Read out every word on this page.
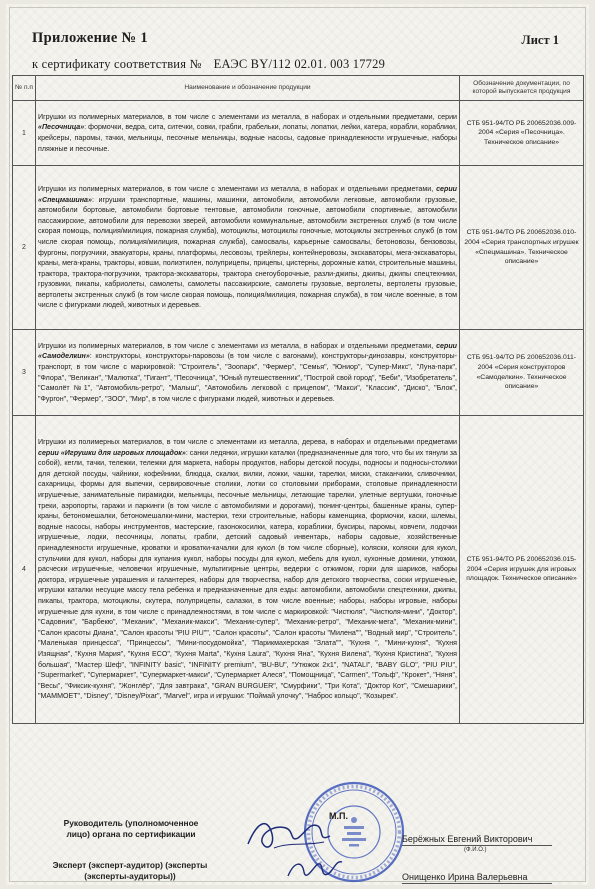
Приложение № 1	Лист 1
к сертификату соответствия № ЕАЭС BY/112 02.01. 003 17729
№ п.п	Наименование и обозначение продукции	Обозначение документации, по которой выпускается продукция
1	Игрушки из полимерных материалов, в том числе с элементами из металла, в наборах и отдельными предметами, серии «Песочница»: формочки, ведра, сита, ситечки, совки, грабли, грабельки, лопаты, лопатки, лейки, катера, корабли, кораблики, крейсеры, паромы, тачки, мельницы, песочные мельницы, водные насосы, садовые принадлежности игрушечные, наборы пляжные и песочные.	СТБ 951-94/ТО РБ 200652036.009-2004 «Серия «Песочница». Техническое описание»
2	Игрушки из полимерных материалов, в том числе с элементами из металла, в наборах и отдельными предметами, серии «Спецмашина»: игрушки транспортные, машины, машинки, автомобили, автомобили легковые, автомобили грузовые, автомобили бортовые, автомобили бортовые тентовые, автомобили гоночные, автомобили спортивные, автомобили пассажирские, автомобили для перевозки зверей, автомобили коммунальные, автомобили экстренных служб (в том числе скорая помощь, полиция/милиция, пожарная служба), мотоциклы, мотоциклы гоночные, мотоциклы экстренных служб (в том числе скорая помощь, полиция/милиция, пожарная служба), самосвалы, карьерные самосвалы, бетоновозы, бензовозы, фургоны, погрузчики, эвакуаторы, краны, платформы, лесовозы, трейлеры, контейнеровозы, экскаваторы, мега-экскаваторы, краны, мега-краны, тракторы, ковши, полиэтилен, полуприцепы, прицепы, цистерны, дорожные катки, строительные машины, трактора, трактора-погрузчики, трактора-экскаваторы, трактора снегоуборочные, разли-джипы, джипы, джипы спецтехники, грузовики, пикапы, кабриолеты, самолеты, самолеты пассажирские, самолеты грузовые, вертолеты, вертолеты грузовые, вертолеты экстренных служб (в том числе скорая помощь, полиция/милиция, пожарная служба), в том числе военные, в том числе с фигурками людей, животных и деревьев.	СТБ 951-94/ТО РБ 200652036.010-2004 «Серия транспортных игрушек «Спецмашина». Техническое описание»
3	Игрушки из полимерных материалов, в том числе с элементами из металла, в наборах и отдельными предметами, серии «Самоделкин»: конструкторы, конструкторы-паровозы (в том числе с вагонами), конструкторы-динозавры, конструкторы-транспорт, в том числе с маркировкой: "Строитель", "Зоопарк", "Фермер", "Семья", "Юниор", "Супер-Микс", "Луна-парк", "Флора", "Великан", "Малютка", "Гигант", "Песочница", "Юный путешественник", "Построй свой город", "Беби", "Изобретатель", "Самолёт №1", "Автомобиль-ретро", "Малыш", "Автомобиль легковой с прицепом", "Макси", "Классик", "Диско", "Блок", "Фургон", "Фермер", "ЗОО", "Мир", в том числе с фигурками людей, животных и деревьев.	СТБ 951-94/ТО РБ 200652036.011-2004 «Серия конструкторов «Самоделкин». Техническое описание»
4	Игрушки из полимерных материалов, в том числе с элементами из металла, дерева, в наборах и отдельными предметами серии «Игрушки для игровых площадок»: санки ледянки, игрушки каталки (предназначенные для того, что бы их тянули за собой), кегли, тачки, тележки, тележки для маркета, наборы продуктов, наборы детской посуды, подносы и подносы-столики для детской посуды, чайники, кофейники, блюдца, скалки, вилки, ложки, чашки, тарелки, миски, стаканчики, сливочники, сахарницы, формы для выпечки, сервировочные столики, лотки со столовыми приборами, столовые принадлежности игрушечные, занимательные пирамидки, мельницы, песочные мельницы, летающие тарелки, улетные вертушки, гоночные треки, аэропорты, гаражи и паркинги (в том числе с автомобилями и дорогами), тюнинг-центры, башенные краны, супер-краны, бетономешалки, бетономешалки-мини, мастерки, техи строительные, наборы каменщика, формочки, каски, шлемы, водные насосы, наборы инструментов, мастерские, газонокосилки, катера, кораблики, буксиры, паромы, ковчеги, лодочки игрушечные, лодки, песочницы, лопаты, грабли, детский садовый инвентарь, наборы садовые, хозяйственные принадлежности игрушечные, кроватки и кроватки-качалки для кукол (в том числе сборные), коляски, коляски для кукол, стульчики для кукол, наборы для купания кукол, наборы посуды для кукол, мебель для кукол, кухонные доминки, утюжки, расчески игрушечные, человечки игрушечные, мультигирные центры, ведерки с отжимом, горки для шариков, наборы доктора, игрушечные украшения и галантерея, наборы для творчества, набор для детского творчества, соски игрушечные, игрушки каталки несущие массу тела ребенка и предназначенные для езды: автомобили, автомобили спецтехники, джипы, пикапы, трактора, мотоциклы, скутера, полуприцепы, салазки, в том числе военные; наборы, наборы игровые, наборы игрушечные для кухни, в том числе с принадлежностями, в том числе с маркировкой: "Чистюля", "Чистюля-мини", "Доктор", "Садовник", "Барбекю", "Механик", "Механик-макси", "Механик-супер", "Механик-ретро", "Механик-мега", "Механик-мини", "Салон красоты Диана", "Салон красоты "PIU PIU"", "Салон красоты", "Салон красоты "Милена"", "Водный мир", "Строитель", "Маленькая принцесса", "Принцессы", "Мини-посудомойка", "Парикмахерская "Злата"", "Кухня ", "Мини-кухня", "Кухня Изящная", "Кухня Мария", "Кухня ECO", "Кухня Marta", "Кухня Laura", "Кухня Яна", "Кухня Вилена", "Кухня Кристина", "Кухня большая", "Мастер Шеф", "INFINITY basic", "INFINITY premium", "BU-BU", "Утюжок 2х1", "NATALI", "BABY GLO", "PIU PIU", "Supermarket", "Супермаркет", "Супермаркет-макси", "Супермаркет Алеся", "Помощница", "Carmen", "Гольф", "Крокет", "Няня", "Весы", "Фиксик-кухня", "Жонглёр", "Для завтрака", "GRAN BURGUER", "Смурфики", "Три Кота", "Доктор Кот", "Смешарики", "MAMMOET", "Disney", "Disney/Pixar", "Marvel", игра и игрушки: "Поймай улочку", "Наброс кольцо", "Козырек".	СТБ 951-94/ТО РБ 200652036.015-2004 «Серия игрушек для игровых площадок. Техническое описание»
М.П.
Руководитель (уполномоченное лицо) органа по сертификации	Берёжных Евгений Викторович
(Ф.И.О.)
Эксперт (эксперт-аудитор) (эксперты (эксперты-аудиторы))	Онищенко Ирина Валерьевна
